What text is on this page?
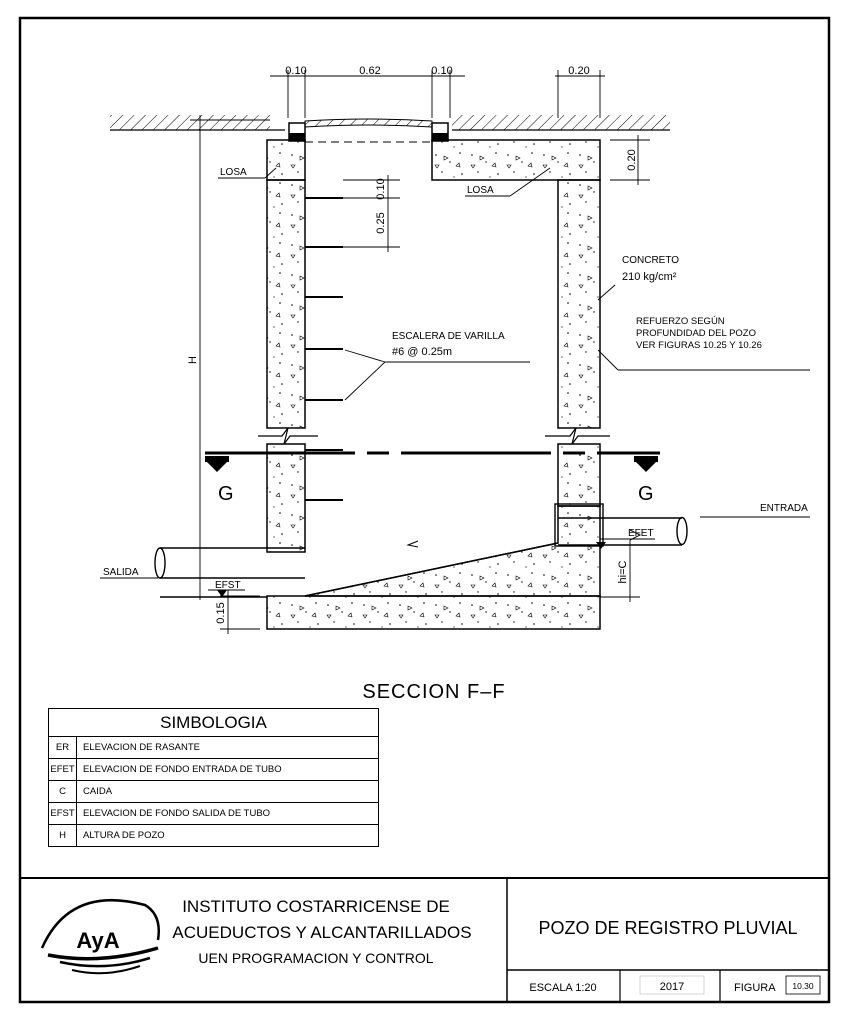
0.10	0.62	0.10	0.20
0.20
0.10
0.25
H
hi=C
0.15
LOSA
LOSA
CONCRETO
210 kg/cm²
REFUERZO SEGÚN
PROFUNDIDAD DEL POZO
VER FIGURAS 10.25 Y 10.26
ESCALERA DE VARILLA
#6 @ 0.25m
G	G
ENTRADA
SALIDA
EFET
EFST
SECCION F–F
AyA
INSTITUTO COSTARRICENSE DE
ACUEDUCTOS Y ALCANTARILLADOS
UEN PROGRAMACION Y CONTROL
POZO DE REGISTRO PLUVIAL
ESCALA 1:20	2017	FIGURA 10.30
SIMBOLOGIA	
ER	ELEVACION DE RASANTE
EFET	ELEVACION DE FONDO ENTRADA DE TUBO
C	CAIDA
EFST	ELEVACION DE FONDO SALIDA DE TUBO
H	ALTURA DE POZO
